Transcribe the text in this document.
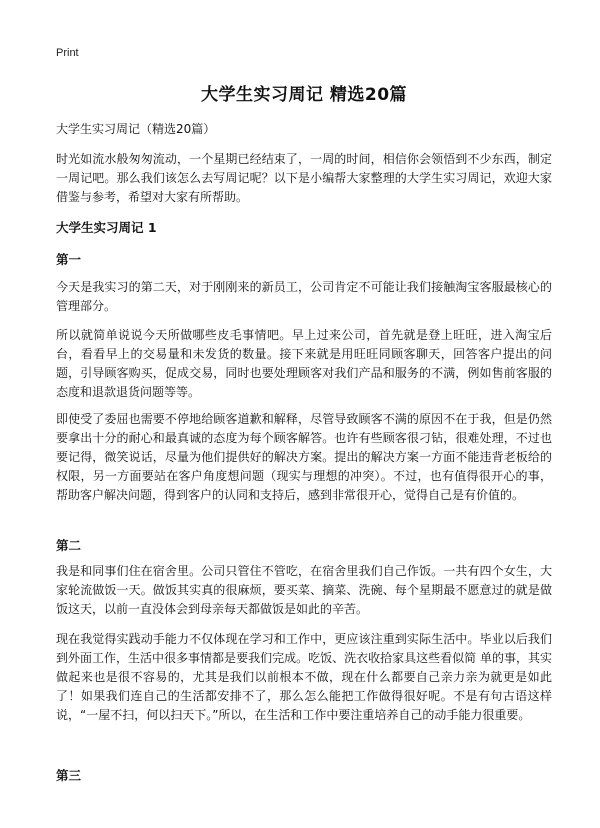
Print
大学生实习周记 精选20篇
大学生实习周记（精选20篇）

时光如流水般匆匆流动，一个星期已经结束了，一周的时间，相信你会领悟到不少东西，制定一周记吧。那么我们该怎么去写周记呢？以下是小编帮大家整理的大学生实习周记，欢迎大家借鉴与参考，希望对大家有所帮助。

大学生实习周记 1
第一

今天是我实习的第二天，对于刚刚来的新员工，公司肯定不可能让我们接触淘宝客服最核心的管理部分。

所以就简单说说今天所做哪些皮毛事情吧。早上过来公司，首先就是登上旺旺，进入淘宝后台，看看早上的交易量和未发货的数量。接下来就是用旺旺同顾客聊天，回答客户提出的问题，引导顾客购买，促成交易，同时也要处理顾客对我们产品和服务的不满，例如售前客服的态度和退款退货问题等等。

即使受了委屈也需要不停地给顾客道歉和解释，尽管导致顾客不满的原因不在于我，但是仍然要拿出十分的耐心和最真诚的态度为每个顾客解答。也许有些顾客很刁钻，很难处理，不过也要记得，微笑说话，尽量为他们提供好的解决方案。提出的解决方案一方面不能违背老板给的权限，另一方面要站在客户角度想问题（现实与理想的冲突）。不过，也有值得很开心的事，帮助客户解决问题，得到客户的认同和支持后，感到非常很开心，觉得自己是有价值的。

第二

我是和同事们住在宿舍里。公司只管住不管吃，在宿舍里我们自己作饭。一共有四个女生，大家轮流做饭一天。做饭其实真的很麻烦，要买菜、摘菜、洗碗、每个星期最不愿意过的就是做饭这天，以前一直没体会到母亲每天都做饭是如此的辛苦。

现在我觉得实践动手能力不仅体现在学习和工作中，更应该注重到实际生活中。毕业以后我们到外面工作，生活中很多事情都是要我们完成。吃饭、洗衣收拾家具这些看似简 单的事，其实做起来也是很不容易的，尤其是我们以前根本不做，现在什么都要自己亲力亲为就更是如此了！如果我们连自己的生活都安排不了，那么怎么能把工作做得很好呢。不是有句古语这样说，“一屋不扫，何以扫天下。”所以，在生活和工作中要注重培养自己的动手能力很重要。

第三
